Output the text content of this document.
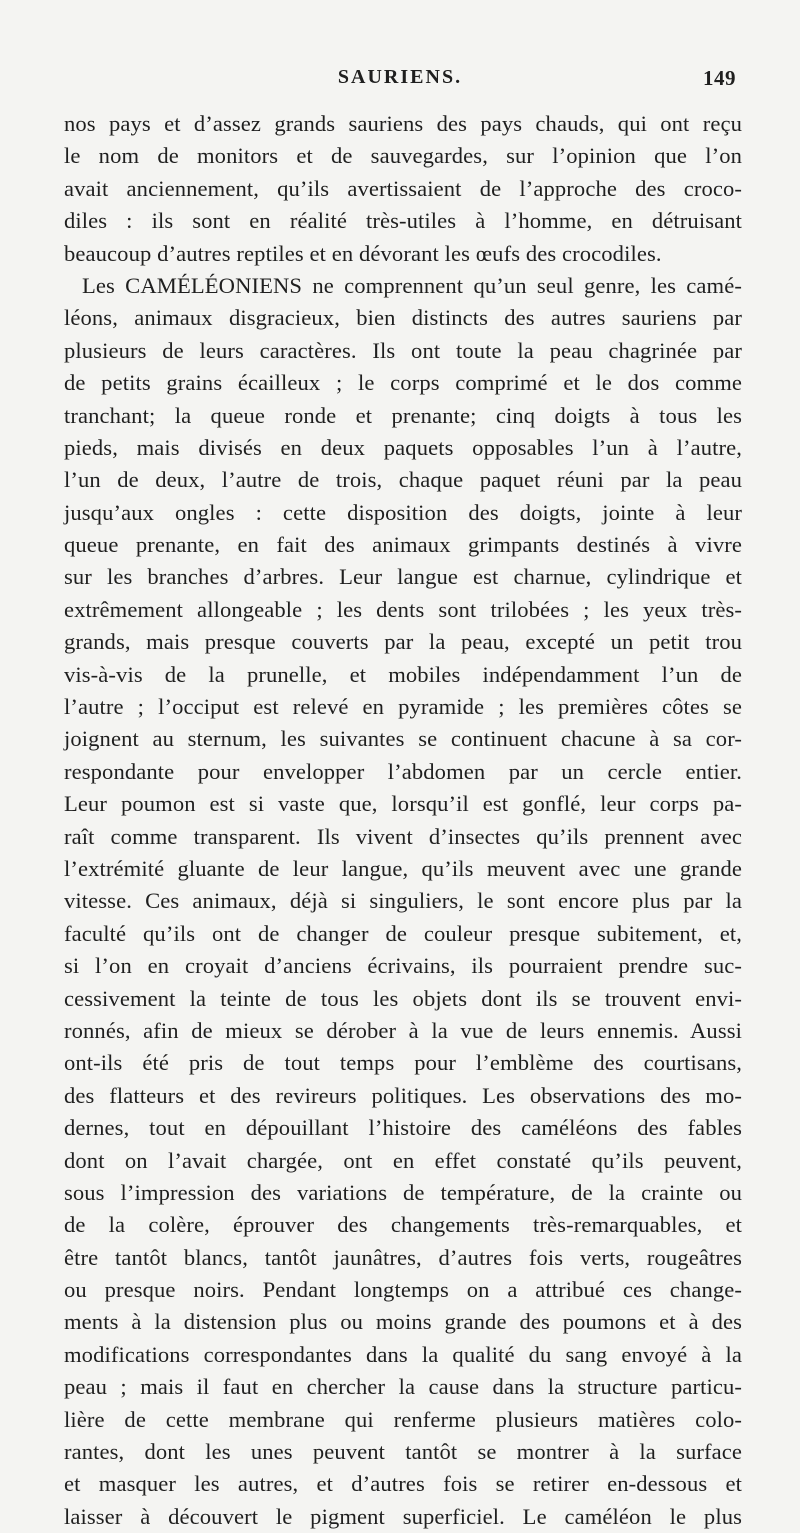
SAURIENS.	149
nos pays et d’assez grands sauriens des pays chauds, qui ont reçu
le nom de monitors et de sauvegardes, sur l’opinion que l’on
avait anciennement, qu’ils avertissaient de l’approche des croco-
diles : ils sont en réalité très-utiles à l’homme, en détruisant
beaucoup d’autres reptiles et en dévorant les œufs des crocodiles.
Les CAMÉLÉONIENS ne comprennent qu’un seul genre, les camé-
léons, animaux disgracieux, bien distincts des autres sauriens par
plusieurs de leurs caractères. Ils ont toute la peau chagrinée par
de petits grains écailleux ; le corps comprimé et le dos comme
tranchant; la queue ronde et prenante; cinq doigts à tous les
pieds, mais divisés en deux paquets opposables l’un à l’autre,
l’un de deux, l’autre de trois, chaque paquet réuni par la peau
jusqu’aux ongles : cette disposition des doigts, jointe à leur
queue prenante, en fait des animaux grimpants destinés à vivre
sur les branches d’arbres. Leur langue est charnue, cylindrique et
extrêmement allongeable ; les dents sont trilobées ; les yeux très-
grands, mais presque couverts par la peau, excepté un petit trou
vis-à-vis de la prunelle, et mobiles indépendamment l’un de
l’autre ; l’occiput est relevé en pyramide ; les premières côtes se
joignent au sternum, les suivantes se continuent chacune à sa cor-
respondante pour envelopper l’abdomen par un cercle entier.
Leur poumon est si vaste que, lorsqu’il est gonflé, leur corps pa-
raît comme transparent. Ils vivent d’insectes qu’ils prennent avec
l’extrémité gluante de leur langue, qu’ils meuvent avec une grande
vitesse. Ces animaux, déjà si singuliers, le sont encore plus par la
faculté qu’ils ont de changer de couleur presque subitement, et,
si l’on en croyait d’anciens écrivains, ils pourraient prendre suc-
cessivement la teinte de tous les objets dont ils se trouvent envi-
ronnés, afin de mieux se dérober à la vue de leurs ennemis. Aussi
ont-ils été pris de tout temps pour l’emblème des courtisans,
des flatteurs et des revireurs politiques. Les observations des mo-
dernes, tout en dépouillant l’histoire des caméléons des fables
dont on l’avait chargée, ont en effet constaté qu’ils peuvent,
sous l’impression des variations de température, de la crainte ou
de la colère, éprouver des changements très-remarquables, et
être tantôt blancs, tantôt jaunâtres, d’autres fois verts, rougeâtres
ou presque noirs. Pendant longtemps on a attribué ces change-
ments à la distension plus ou moins grande des poumons et à des
modifications correspondantes dans la qualité du sang envoyé à la
peau ; mais il faut en chercher la cause dans la structure particu-
lière de cette membrane qui renferme plusieurs matières colo-
rantes, dont les unes peuvent tantôt se montrer à la surface
et masquer les autres, et d’autres fois se retirer en-dessous et
laisser à découvert le pigment superficiel. Le caméléon le plus
